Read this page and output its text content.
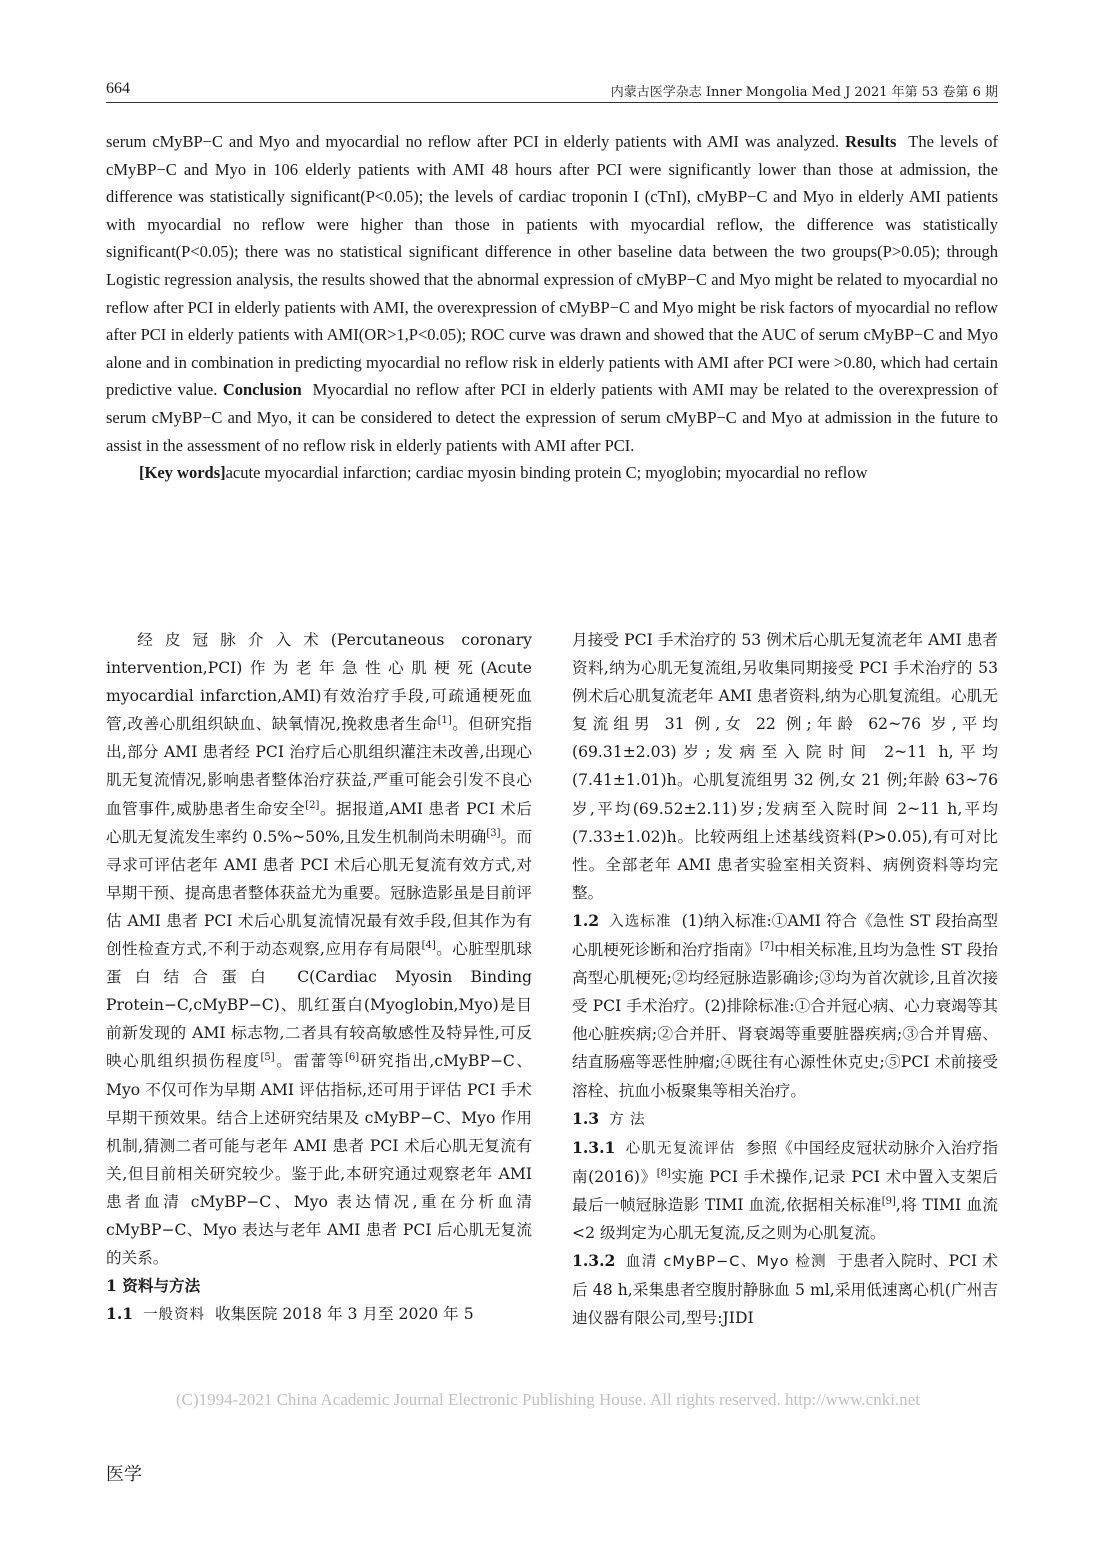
664	内蒙古医学杂志 Inner Mongolia Med J 2021 年第 53 卷第 6 期

serum cMyBP−C and Myo and myocardial no reflow after PCI in elderly patients with AMI was analyzed. Results The levels of cMyBP−C and Myo in 106 elderly patients with AMI 48 hours after PCI were significantly lower than those at admission, the difference was statistically significant(P<0.05); the levels of cardiac troponin I (cTnI), cMyBP−C and Myo in elderly AMI patients with myocardial no reflow were higher than those in patients with myocardial reflow, the difference was statistically significant(P<0.05); there was no statistical significant difference in other baseline data between the two groups(P>0.05); through Logistic regression analysis, the results showed that the abnormal expression of cMyBP−C and Myo might be related to myocardial no reflow after PCI in elderly patients with AMI, the overexpression of cMyBP−C and Myo might be risk factors of myocardial no reflow after PCI in elderly patients with AMI(OR>1,P<0.05); ROC curve was drawn and showed that the AUC of serum cMyBP−C and Myo alone and in combination in predicting myocardial no reflow risk in elderly patients with AMI after PCI were >0.80, which had certain predictive value. Conclusion Myocardial no reflow after PCI in elderly patients with AMI may be related to the overexpression of serum cMyBP−C and Myo, it can be considered to detect the expression of serum cMyBP−C and Myo at admission in the future to assist in the assessment of no reflow risk in elderly patients with AMI after PCI.

[Key words]acute myocardial infarction; cardiac myosin binding protein C; myoglobin; myocardial no reflow

经皮冠脉介入术(Percutaneous coronary intervention,PCI)作为老年急性心肌梗死(Acute myocardial infarction,AMI)有效治疗手段,可疏通梗死血管,改善心肌组织缺血、缺氧情况,挽救患者生命[1]。但研究指出,部分 AMI 患者经 PCI 治疗后心肌组织灌注未改善,出现心肌无复流情况,影响患者整体治疗获益,严重可能会引发不良心血管事件,威胁患者生命安全[2]。据报道,AMI 患者 PCI 术后心肌无复流发生率约 0.5%~50%,且发生机制尚未明确[3]。而寻求可评估老年 AMI 患者 PCI 术后心肌无复流有效方式,对早期干预、提高患者整体获益尤为重要。冠脉造影虽是目前评估 AMI 患者 PCI 术后心肌复流情况最有效手段,但其作为有创性检查方式,不利于动态观察,应用存有局限[4]。心脏型肌球蛋白结合蛋白 C(Cardiac Myosin Binding Protein−C,cMyBP−C)、肌红蛋白(Myoglobin,Myo)是目前新发现的 AMI 标志物,二者具有较高敏感性及特异性,可反映心肌组织损伤程度[5]。雷蕾等[6]研究指出,cMyBP−C、Myo 不仅可作为早期 AMI 评估指标,还可用于评估 PCI 手术早期干预效果。结合上述研究结果及 cMyBP−C、Myo 作用机制,猜测二者可能与老年 AMI 患者 PCI 术后心肌无复流有关,但目前相关研究较少。鉴于此,本研究通过观察老年 AMI 患者血清 cMyBP−C、Myo 表达情况,重在分析血清 cMyBP−C、Myo 表达与老年 AMI 患者 PCI 后心肌无复流的关系。

1 资料与方法

1.1 一般资料 收集医院 2018 年 3 月至 2020 年 5

月接受 PCI 手术治疗的 53 例术后心肌无复流老年 AMI 患者资料,纳为心肌无复流组,另收集同期接受 PCI 手术治疗的 53 例术后心肌复流老年 AMI 患者资料,纳为心肌复流组。心肌无复流组男 31 例,女 22 例;年龄 62~76 岁,平均(69.31±2.03)岁;发病至入院时间 2~11 h,平均(7.41±1.01)h。心肌复流组男 32 例,女 21 例;年龄 63~76 岁,平均(69.52±2.11)岁;发病至入院时间 2~11 h,平均(7.33±1.02)h。比较两组上述基线资料(P>0.05),有可对比性。全部老年 AMI 患者实验室相关资料、病例资料等均完整。

1.2 入选标准 (1)纳入标准:①AMI 符合《急性 ST 段抬高型心肌梗死诊断和治疗指南》[7]中相关标准,且均为急性 ST 段抬高型心肌梗死;②均经冠脉造影确诊;③均为首次就诊,且首次接受 PCI 手术治疗。(2)排除标准:①合并冠心病、心力衰竭等其他心脏疾病;②合并肝、肾衰竭等重要脏器疾病;③合并胃癌、结直肠癌等恶性肿瘤;④既往有心源性休克史;⑤PCI 术前接受溶栓、抗血小板聚集等相关治疗。

1.3 方 法

1.3.1 心肌无复流评估 参照《中国经皮冠状动脉介入治疗指南(2016)》[8]实施 PCI 手术操作,记录 PCI 术中置入支架后最后一帧冠脉造影 TIMI 血流,依据相关标准[9],将 TIMI 血流<2 级判定为心肌无复流,反之则为心肌复流。

1.3.2 血清 cMyBP−C、Myo 检测 于患者入院时、PCI 术后 48 h,采集患者空腹肘静脉血 5 ml,采用低速离心机(广州吉迪仪器有限公司,型号:JIDI

(C)1994-2021 China Academic Journal Electronic Publishing House. All rights reserved. http://www.cnki.net
医学
